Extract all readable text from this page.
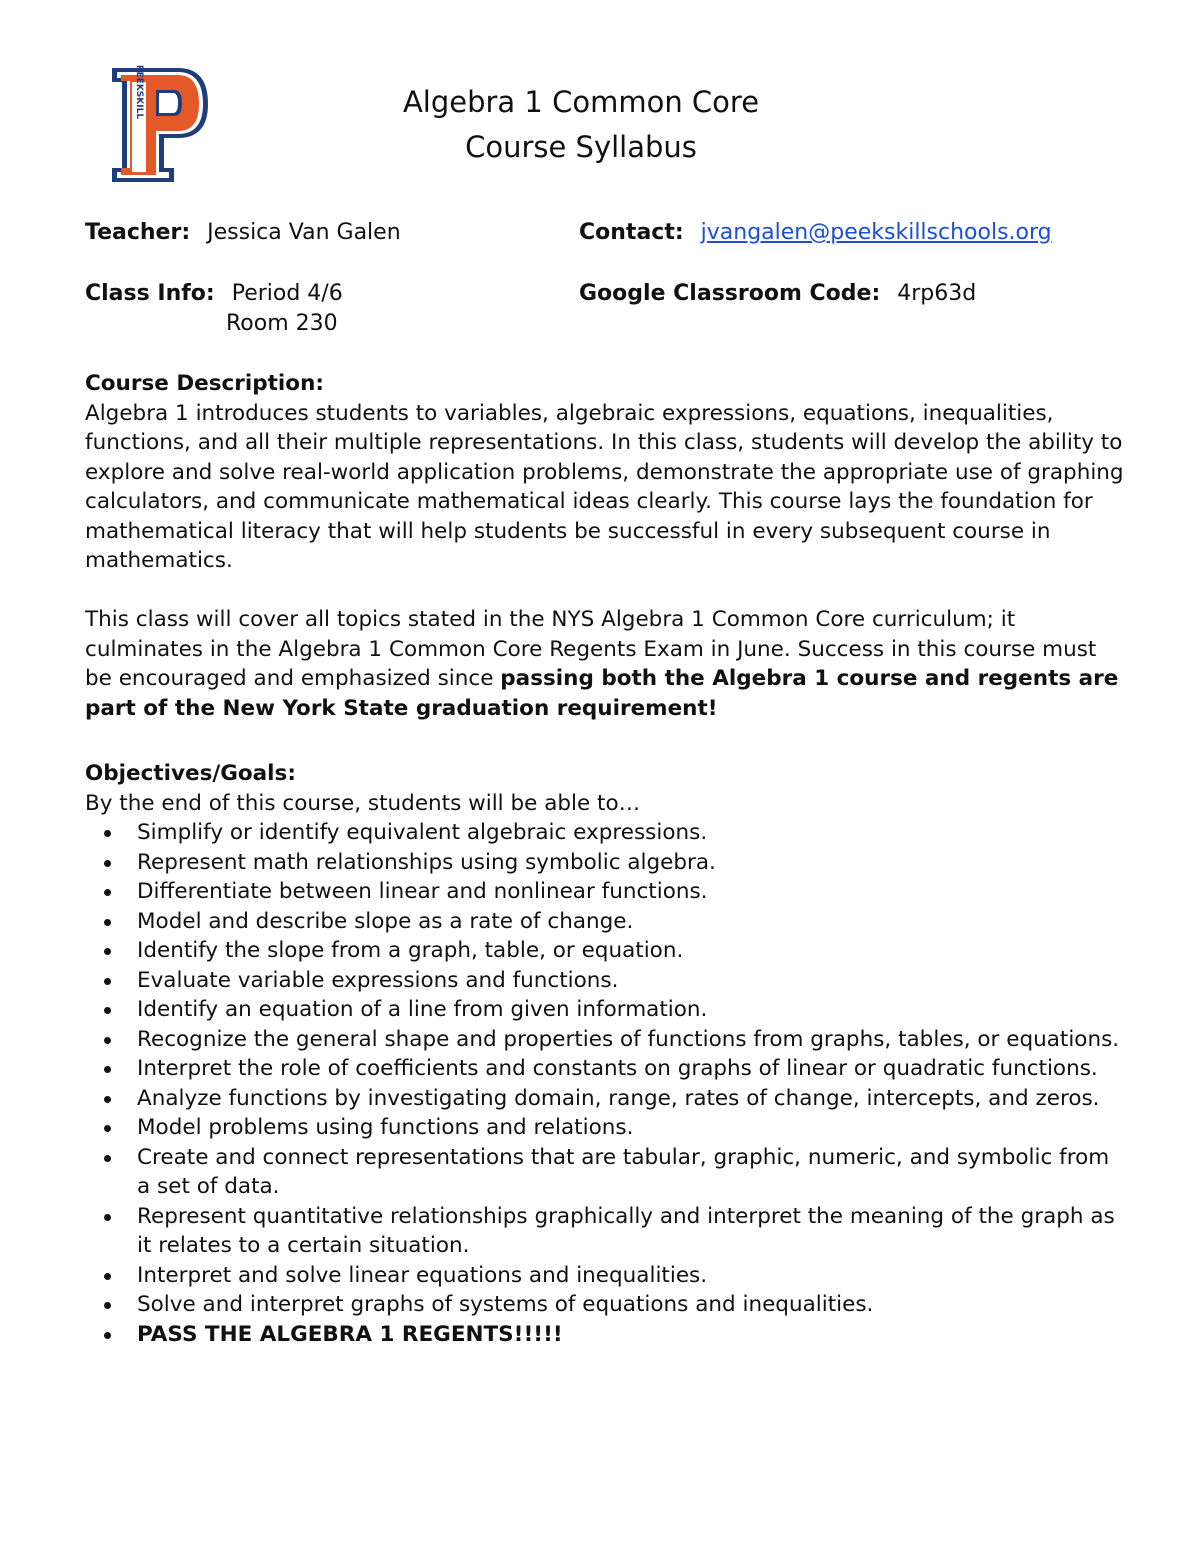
PEEKSKILL	Algebra 1 Common Core
Course Syllabus
Teacher: Jessica Van Galen	Contact: jvangalen@peekskillschools.org
Class Info: Period 4/6
Room 230
Google Classroom Code: 4rp63d
Course Description:

Algebra 1 introduces students to variables, algebraic expressions, equations, inequalities, functions, and all their multiple representations. In this class, students will develop the ability to explore and solve real-world application problems, demonstrate the appropriate use of graphing calculators, and communicate mathematical ideas clearly. This course lays the foundation for mathematical literacy that will help students be successful in every subsequent course in mathematics.

This class will cover all topics stated in the NYS Algebra 1 Common Core curriculum; it culminates in the Algebra 1 Common Core Regents Exam in June. Success in this course must be encouraged and emphasized since passing both the Algebra 1 course and regents are part of the New York State graduation requirement!

Objectives/Goals:
By the end of this course, students will be able to…
Simplify or identify equivalent algebraic expressions.
Represent math relationships using symbolic algebra.
Differentiate between linear and nonlinear functions.
Model and describe slope as a rate of change.
Identify the slope from a graph, table, or equation.
Evaluate variable expressions and functions.
Identify an equation of a line from given information.
Recognize the general shape and properties of functions from graphs, tables, or equations.
Interpret the role of coefficients and constants on graphs of linear or quadratic functions.
Analyze functions by investigating domain, range, rates of change, intercepts, and zeros.
Model problems using functions and relations.
Create and connect representations that are tabular, graphic, numeric, and symbolic from a set of data.
Represent quantitative relationships graphically and interpret the meaning of the graph as it relates to a certain situation.
Interpret and solve linear equations and inequalities.
Solve and interpret graphs of systems of equations and inequalities.
PASS THE ALGEBRA 1 REGENTS!!!!!
